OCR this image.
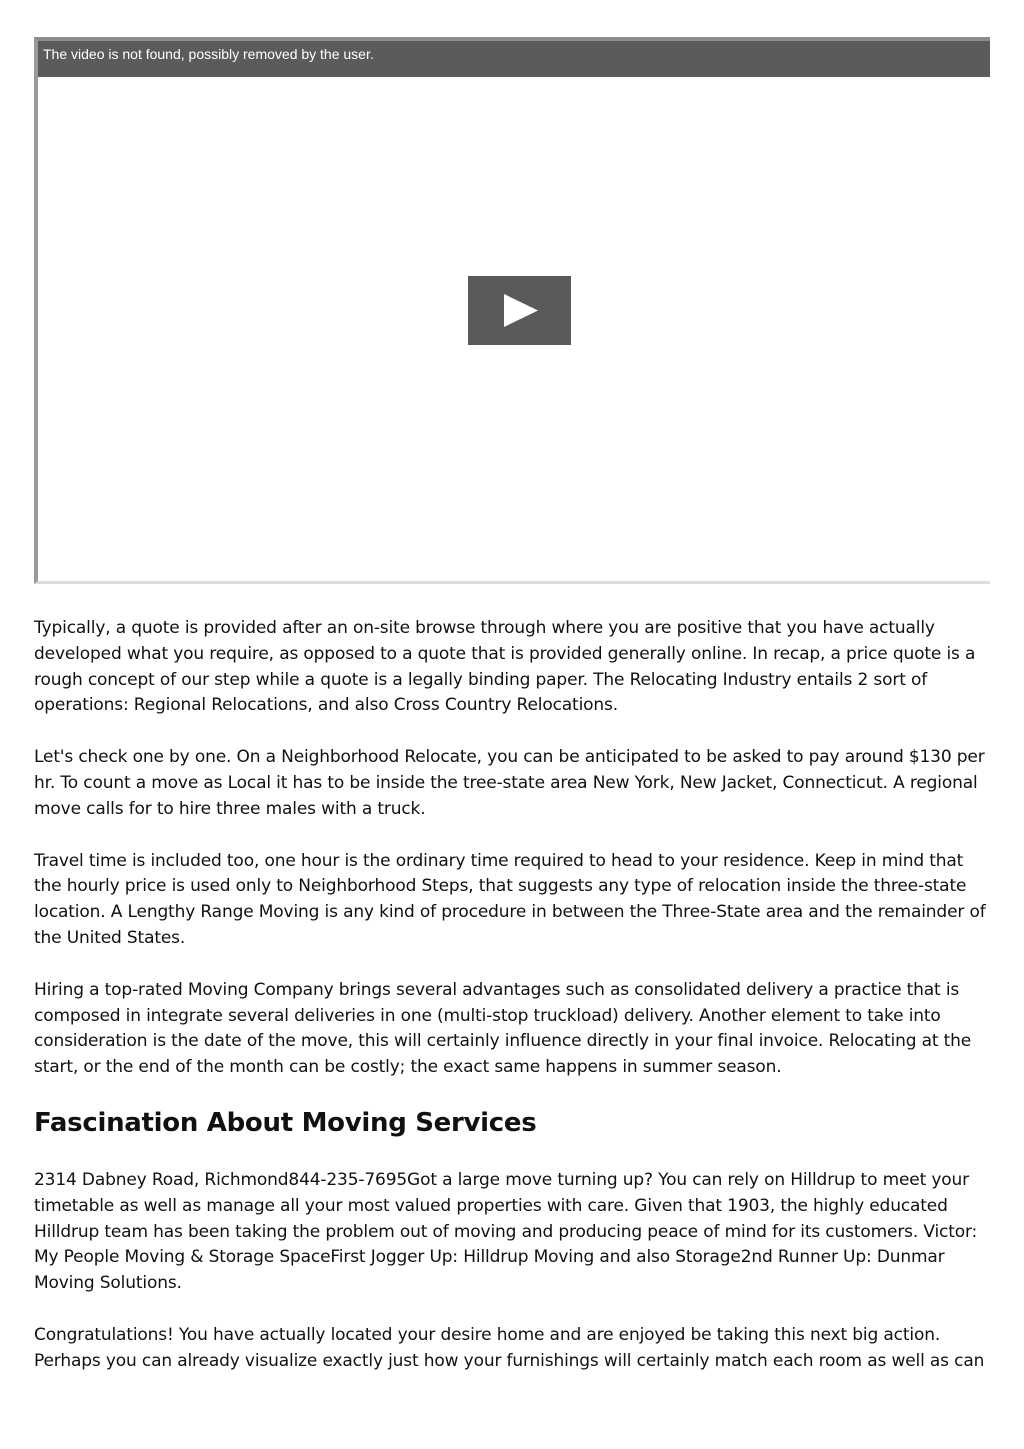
The video is not found, possibly removed by the user.

Typically, a quote is provided after an on-site browse through where you are positive that you have actually developed what you require, as opposed to a quote that is provided generally online. In recap, a price quote is a rough concept of our step while a quote is a legally binding paper. The Relocating Industry entails 2 sort of operations: Regional Relocations, and also Cross Country Relocations.

Let's check one by one. On a Neighborhood Relocate, you can be anticipated to be asked to pay around $130 per hr. To count a move as Local it has to be inside the tree-state area New York, New Jacket, Connecticut. A regional move calls for to hire three males with a truck.

Travel time is included too, one hour is the ordinary time required to head to your residence. Keep in mind that the hourly price is used only to Neighborhood Steps, that suggests any type of relocation inside the three-state location. A Lengthy Range Moving is any kind of procedure in between the Three-State area and the remainder of the United States.

Hiring a top-rated Moving Company brings several advantages such as consolidated delivery a practice that is composed in integrate several deliveries in one (multi-stop truckload) delivery. Another element to take into consideration is the date of the move, this will certainly influence directly in your final invoice. Relocating at the start, or the end of the month can be costly; the exact same happens in summer season.

Fascination About Moving Services

2314 Dabney Road, Richmond844-235-7695Got a large move turning up? You can rely on Hilldrup to meet your timetable as well as manage all your most valued properties with care. Given that 1903, the highly educated Hilldrup team has been taking the problem out of moving and producing peace of mind for its customers. Victor: My People Moving & Storage SpaceFirst Jogger Up: Hilldrup Moving and also Storage2nd Runner Up: Dunmar Moving Solutions.

Congratulations! You have actually located your desire home and are enjoyed be taking this next big action. Perhaps you can already visualize exactly just how your furnishings will certainly match each room as well as can
